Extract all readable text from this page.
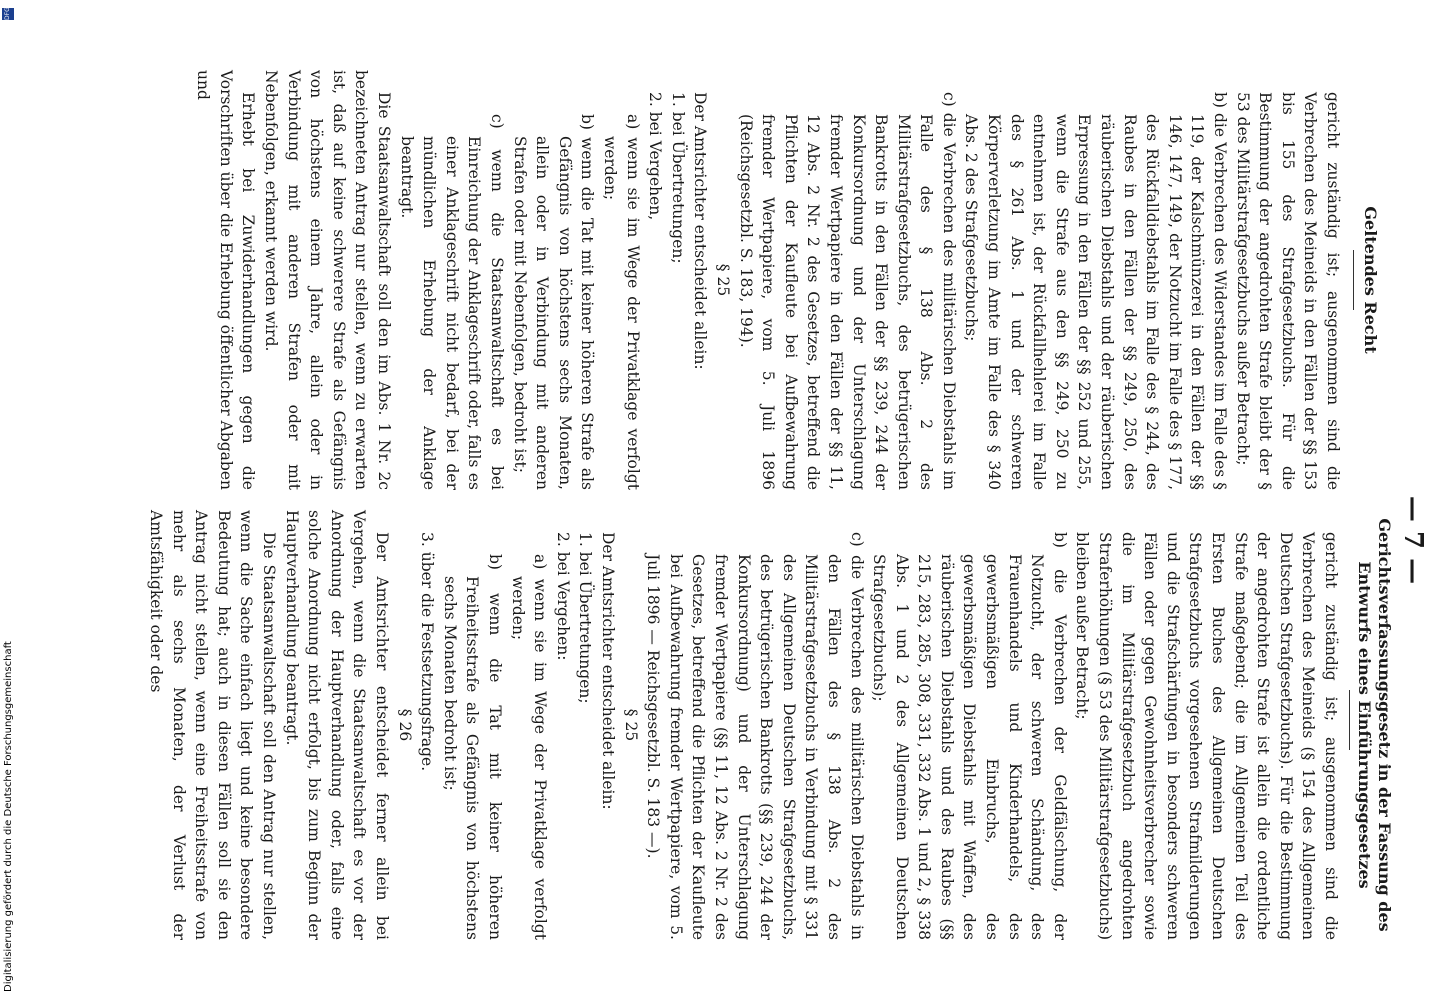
— 7 —
Geltendes Recht

gericht zuständig ist; ausgenommen sind die Verbrechen des Meineids in den Fällen der §§ 153 bis 155 des Strafgesetzbuchs. Für die Bestimmung der angedrohten Strafe bleibt der § 53 des Militärstrafgesetzbuchs außer Betracht;

b) die Verbrechen des Widerstandes im Falle des § 119, der Kalschmünzerei in den Fällen der §§ 146, 147, 149, der Notzucht im Falle des § 177, des Rückfalldiebstahls im Falle des § 244, des Raubes in den Fällen der §§ 249, 250, des räuberischen Diebstahls und der räuberischen Erpressung in den Fällen der §§ 252 und 255, wenn die Strafe aus den §§ 249, 250 zu entnehmen ist, der Rückfallhehlerei im Falle des § 261 Abs. 1 und der schweren Körperverletzung im Amte im Falle des § 340 Abs. 2 des Strafgesetzbuchs;

c) die Verbrechen des militärischen Diebstahls im Falle des § 138 Abs. 2 des Militärstrafgesetzbuchs, des betrügerischen Bankrotts in den Fällen der §§ 239, 244 der Konkursordnung und der Unterschlagung fremder Wertpapiere in den Fällen der §§ 11, 12 Abs. 2 Nr. 2 des Gesetzes, betreffend die Pflichten der Kaufleute bei Aufbewahrung fremder Wertpapiere, vom 5. Juli 1896 (Reichsgesetzbl. S. 183, 194).

§ 25

Der Amtsrichter entscheidet allein:

1. bei Übertretungen;

2. bei Vergehen,

a) wenn sie im Wege der Privatklage verfolgt werden;

b) wenn die Tat mit keiner höheren Strafe als Gefängnis von höchstens sechs Monaten, allein oder in Verbindung mit anderen Strafen oder mit Nebenfolgen, bedroht ist;

c) wenn die Staatsanwaltschaft es bei Einreichung der Anklageschrift oder, falls es einer Anklageschrift nicht bedarf, bei der mündlichen Erhebung der Anklage beantragt.

Die Staatsanwaltschaft soll den im Abs. 1 Nr. 2c bezeichneten Antrag nur stellen, wenn zu erwarten ist, daß auf keine schwerere Strafe als Gefängnis von höchstens einem Jahre, allein oder in Verbindung mit anderen Strafen oder mit Nebenfolgen, erkannt werden wird.

Erhebt bei Zuwiderhandlungen gegen die Vorschriften über die Erhebung öffentlicher Abgaben und

Gerichtsverfassungsgesetz in der Fassung des Entwurfs eines Einführungsgesetzes

gericht zuständig ist; ausgenommen sind die Verbrechen des Meineids (§ 154 des Allgemeinen Deutschen Strafgesetzbuchs). Für die Bestimmung der angedrohten Strafe ist allein die ordentliche Strafe maßgebend; die im Allgemeinen Teil des Ersten Buches des Allgemeinen Deutschen Strafgesetzbuchs vorgesehenen Strafmilderungen und die Strafschärfungen in besonders schweren Fällen oder gegen Gewohnheitsverbrecher sowie die im Militärstrafgesetzbuch angedrohten Straferhöhungen (§ 53 des Militärstrafgesetzbuchs) bleiben außer Betracht;

b) die Verbrechen der Geldfälschung, der Notzucht, der schweren Schändung, des Frauenhandels und Kinderhandels, des gewerbsmäßigen Einbruchs, des gewerbsmäßigen Diebstahls mit Waffen, des räuberischen Diebstahls und des Raubes (§§ 215, 283, 285, 308, 331, 332 Abs. 1 und 2, § 338 Abs. 1 und 2 des Allgemeinen Deutschen Strafgesetzbuchs);

c) die Verbrechen des militärischen Diebstahls in den Fällen des § 138 Abs. 2 des Militärstrafgesetzbuchs in Verbindung mit § 331 des Allgemeinen Deutschen Strafgesetzbuchs, des betrügerischen Bankrotts (§§ 239, 244 der Konkursordnung) und der Unterschlagung fremder Wertpapiere (§§ 11, 12 Abs. 2 Nr. 2 des Gesetzes, betreffend die Pflichten der Kaufleute bei Aufbewahrung fremder Wertpapiere, vom 5. Juli 1896 — Reichsgesetzbl. S. 183 —).

§ 25

Der Amtsrichter entscheidet allein:

1. bei Übertretungen;

2. bei Vergehen:

a) wenn sie im Wege der Privatklage verfolgt werden;

b) wenn die Tat mit keiner höheren Freiheitsstrafe als Gefängnis von höchstens sechs Monaten bedroht ist;

3. über die Festsetzungsfrage.

§ 26

Der Amtsrichter entscheidet ferner allein bei Vergehen, wenn die Staatsanwaltschaft es vor der Anordnung der Hauptverhandlung oder, falls eine solche Anordnung nicht erfolgt, bis zum Beginn der Hauptverhandlung beantragt.

Die Staatsanwaltschaft soll den Antrag nur stellen, wenn die Sache einfach liegt und keine besondere Bedeutung hat; auch in diesen Fällen soll sie den Antrag nicht stellen, wenn eine Freiheitsstrafe von mehr als sechs Monaten, der Verlust der Amtsfähigkeit oder des

Digitalisierung gefördert durch die Deutsche Forschungsgemeinschaft
DFG
